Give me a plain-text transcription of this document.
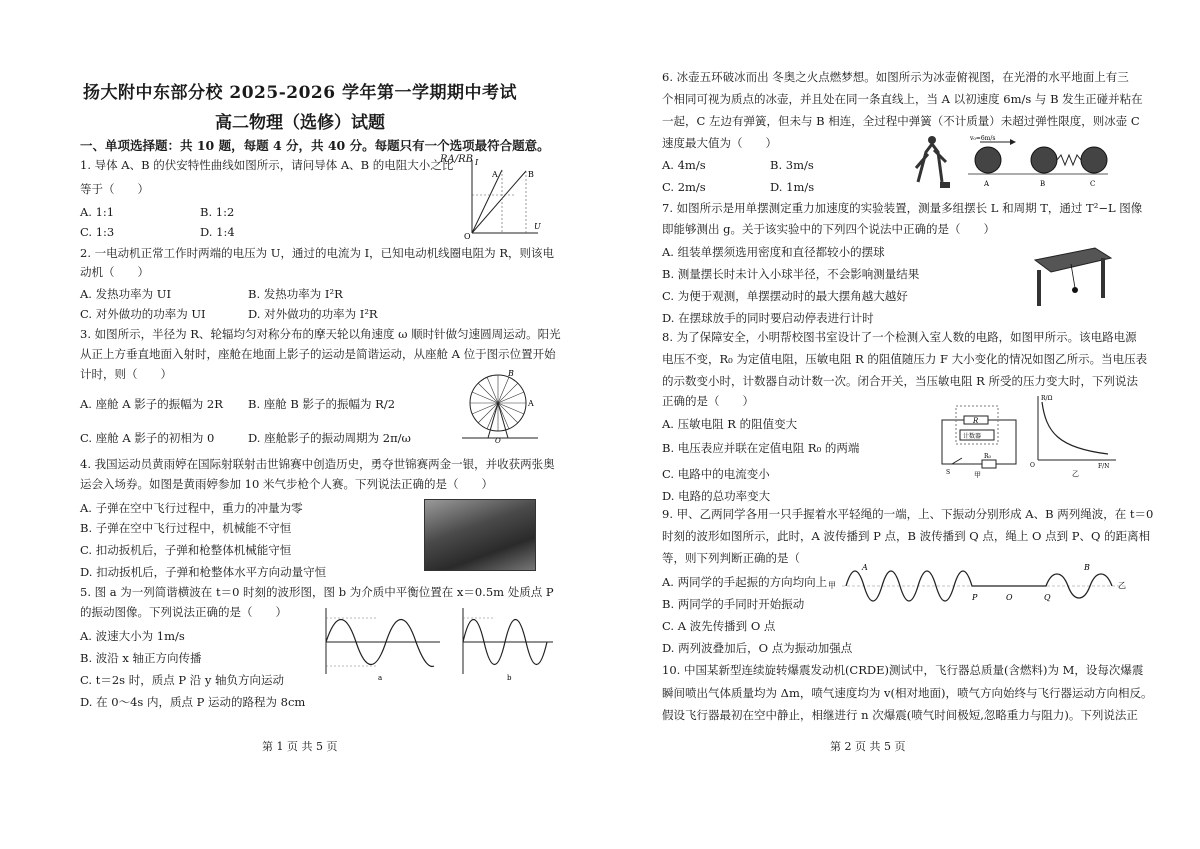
扬大附中东部分校 2025-2026 学年第一学期期中考试
高二物理（选修）试题
一、单项选择题：共 10 题，每题 4 分，共 40 分。每题只有一个选项最符合题意。
1. 导体 A、B 的伏安特性曲线如图所示，请问导体 A、B 的电阻大小之比
RA/RB
等于（　　）
A. 1:1	B. 1:2
C. 1:3	D. 1:4
I
A	B
U
O
2. 一电动机正常工作时两端的电压为 U，通过的电流为 I，已知电动机线圈电阻为 R，则该电
动机（　　）
A. 发热功率为 UI	B. 发热功率为 I²R
C. 对外做功的功率为 UI	D. 对外做功的功率为 I²R
3. 如图所示，半径为 R、轮辐均匀对称分布的摩天轮以角速度 ω 顺时针做匀速圆周运动。阳光
从正上方垂直地面入射时，座舱在地面上影子的运动是简谐运动，从座舱 A 位于图示位置开始
计时，则（　　）
A. 座舱 A 影子的振幅为 2R B. 座舱 B 影子的振幅为 R/2
C. 座舱 A 影子的初相为 0	D. 座舱影子的振动周期为 2π/ω
B
A
O
4. 我国运动员黄雨婷在国际射联射击世锦赛中创造历史，勇夺世锦赛两金一银，并收获两张奥
运会入场券。如图是黄雨婷参加 10 米气步枪个人赛。下列说法正确的是（　　）
A. 子弹在空中飞行过程中，重力的冲量为零
B. 子弹在空中飞行过程中，机械能不守恒
C. 扣动扳机后，子弹和枪整体机械能守恒
D. 扣动扳机后，子弹和枪整体水平方向动量守恒
5. 图 a 为一列简谐横波在 t＝0 时刻的波形图，图 b 为介质中平衡位置在 x＝0.5m 处质点 P
的振动图像。下列说法正确的是（　　）
A. 波速大小为 1m/s
B. 波沿 x 轴正方向传播
C. t＝2s 时，质点 P 沿 y 轴负方向运动
D. 在 0～4s 内，质点 P 运动的路程为 8cm
a	b
第 1 页 共 5 页
6. 冰壶五环破冰而出 冬奥之火点燃梦想。如图所示为冰壶俯视图，在光滑的水平地面上有三
个相同可视为质点的冰壶，并且处在同一条直线上，当 A 以初速度 6m/s 与 B 发生正碰并粘在
一起，C 左边有弹簧，但未与 B 相连，全过程中弹簧（不计质量）未超过弹性限度，则冰壶 C
速度最大值为（　　）
A. 4m/s	B. 3m/s
C. 2m/s	D. 1m/s
v₀=6m/s
A	B	C
7. 如图所示是用单摆测定重力加速度的实验装置，测量多组摆长 L 和周期 T，通过 T²−L 图像
即能够测出 g。关于该实验中的下列四个说法中正确的是（　　）
A. 组装单摆须选用密度和直径都较小的摆球
B. 测量摆长时未计入小球半径，不会影响测量结果
C. 为便于观测，单摆摆动时的最大摆角越大越好
D. 在摆球放手的同时要启动停表进行计时
8. 为了保障安全，小明帮校图书室设计了一个检测入室人数的电路，如图甲所示。该电路电源
电压不变，R₀ 为定值电阻，压敏电阻 R 的阻值随压力 F 大小变化的情况如图乙所示。当电压表
的示数变小时，计数器自动计数一次。闭合开关，当压敏电阻 R 所受的压力变大时，下列说法
正确的是（　　）
A. 压敏电阻 R 的阻值变大
B. 电压表应并联在定值电阻 R₀ 的两端
C. 电路中的电流变小
D. 电路的总功率变大
R
计数器
R₀
S	甲
R/Ω
F/N
O
乙
9. 甲、乙两同学各用一只手握着水平轻绳的一端，上、下振动分别形成 A、B 两列绳波，在 t＝0
时刻的波形如图所示，此时，A 波传播到 P 点，B 波传播到 Q 点，绳上 O 点到 P、Q 的距离相
等，则下列判断正确的是（
A. 两同学的手起振的方向均向上
B. 两同学的手同时开始振动
C. A 波先传播到 O 点
D. 两列波叠加后，O 点为振动加强点
甲	乙
A	B
P	O	Q
10. 中国某新型连续旋转爆震发动机(CRDE)测试中，飞行器总质量(含燃料)为 M，设每次爆震
瞬间喷出气体质量均为 Δm，喷气速度均为 v(相对地面)，喷气方向始终与飞行器运动方向相反。
假设飞行器最初在空中静止，相继进行 n 次爆震(喷气时间极短,忽略重力与阻力)。下列说法正
第 2 页 共 5 页
